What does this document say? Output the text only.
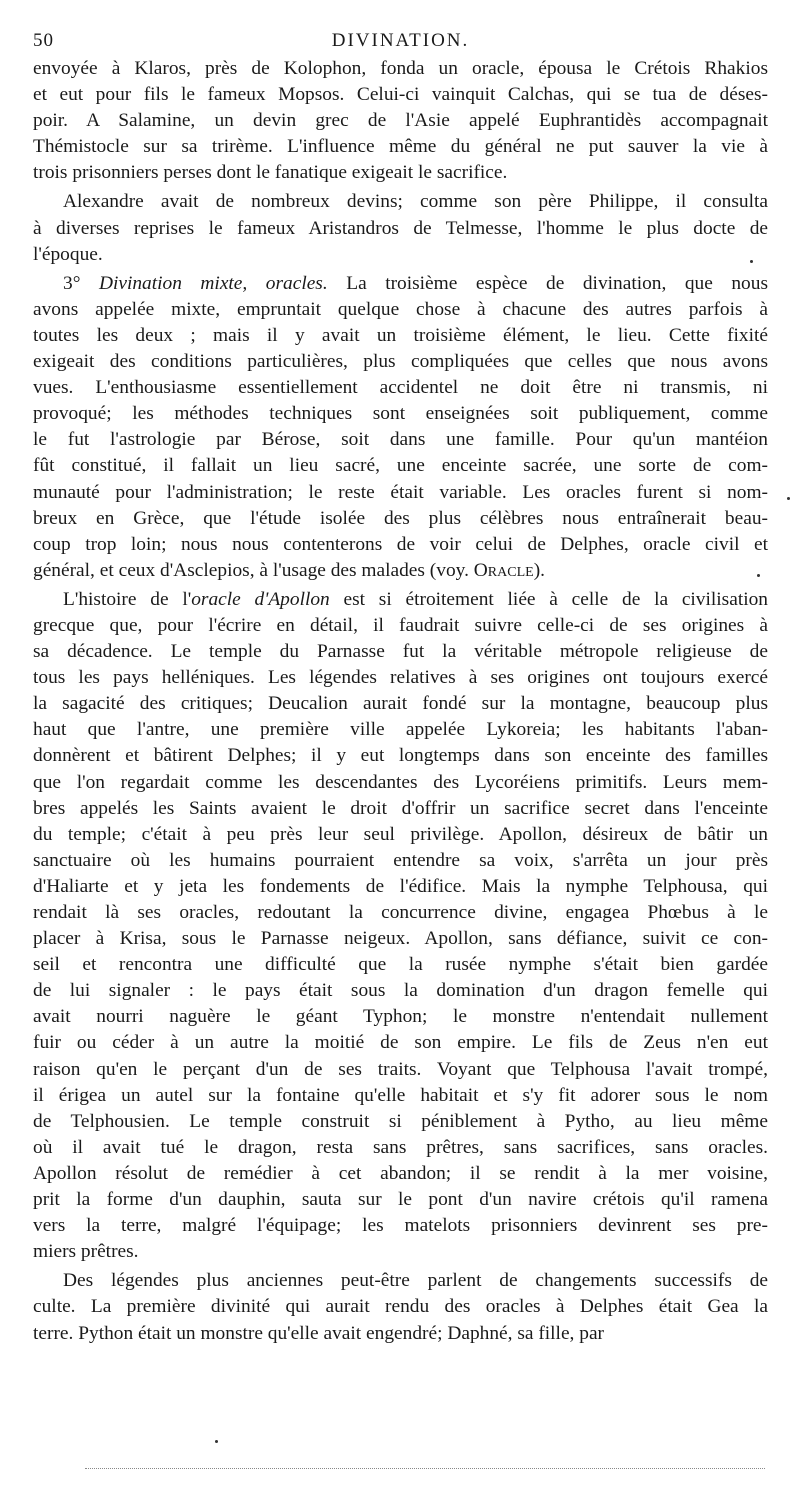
50	DIVINATION.
envoyée à Klaros, près de Kolophon, fonda un oracle, épousa le Crétois Rhakios
et eut pour fils le fameux Mopsos. Celui-ci vainquit Calchas, qui se tua de déses-
poir. A Salamine, un devin grec de l'Asie appelé Euphrantidès accompagnait
Thémistocle sur sa trirème. L'influence même du général ne put sauver la vie à
trois prisonniers perses dont le fanatique exigeait le sacrifice.
Alexandre avait de nombreux devins; comme son père Philippe, il consulta
à diverses reprises le fameux Aristandros de Telmesse, l'homme le plus docte de
l'époque.
3° Divination mixte, oracles. La troisième espèce de divination, que nous
avons appelée mixte, empruntait quelque chose à chacune des autres parfois à
toutes les deux ; mais il y avait un troisième élément, le lieu. Cette fixité
exigeait des conditions particulières, plus compliquées que celles que nous avons
vues. L'enthousiasme essentiellement accidentel ne doit être ni transmis, ni
provoqué; les méthodes techniques sont enseignées soit publiquement, comme
le fut l'astrologie par Bérose, soit dans une famille. Pour qu'un mantéion
fût constitué, il fallait un lieu sacré, une enceinte sacrée, une sorte de com-
munauté pour l'administration; le reste était variable. Les oracles furent si nom-
breux en Grèce, que l'étude isolée des plus célèbres nous entraînerait beau-
coup trop loin; nous nous contenterons de voir celui de Delphes, oracle civil et
général, et ceux d'Asclepios, à l'usage des malades (voy. Oracle).
L'histoire de l'oracle d'Apollon est si étroitement liée à celle de la civilisation
grecque que, pour l'écrire en détail, il faudrait suivre celle-ci de ses origines à
sa décadence. Le temple du Parnasse fut la véritable métropole religieuse de
tous les pays helléniques. Les légendes relatives à ses origines ont toujours exercé
la sagacité des critiques; Deucalion aurait fondé sur la montagne, beaucoup plus
haut que l'antre, une première ville appelée Lykoreia; les habitants l'aban-
donnèrent et bâtirent Delphes; il y eut longtemps dans son enceinte des familles
que l'on regardait comme les descendantes des Lycoréiens primitifs. Leurs mem-
bres appelés les Saints avaient le droit d'offrir un sacrifice secret dans l'enceinte
du temple; c'était à peu près leur seul privilège. Apollon, désireux de bâtir un
sanctuaire où les humains pourraient entendre sa voix, s'arrêta un jour près
d'Haliarte et y jeta les fondements de l'édifice. Mais la nymphe Telphousa, qui
rendait là ses oracles, redoutant la concurrence divine, engagea Phœbus à le
placer à Krisa, sous le Parnasse neigeux. Apollon, sans défiance, suivit ce con-
seil et rencontra une difficulté que la rusée nymphe s'était bien gardée
de lui signaler : le pays était sous la domination d'un dragon femelle qui
avait nourri naguère le géant Typhon; le monstre n'entendait nullement
fuir ou céder à un autre la moitié de son empire. Le fils de Zeus n'en eut
raison qu'en le perçant d'un de ses traits. Voyant que Telphousa l'avait trompé,
il érigea un autel sur la fontaine qu'elle habitait et s'y fit adorer sous le nom
de Telphousien. Le temple construit si péniblement à Pytho, au lieu même
où il avait tué le dragon, resta sans prêtres, sans sacrifices, sans oracles.
Apollon résolut de remédier à cet abandon; il se rendit à la mer voisine,
prit la forme d'un dauphin, sauta sur le pont d'un navire crétois qu'il ramena
vers la terre, malgré l'équipage; les matelots prisonniers devinrent ses pre-
miers prêtres.
Des légendes plus anciennes peut-être parlent de changements successifs de
culte. La première divinité qui aurait rendu des oracles à Delphes était Gea la
terre. Python était un monstre qu'elle avait engendré; Daphné, sa fille, par
